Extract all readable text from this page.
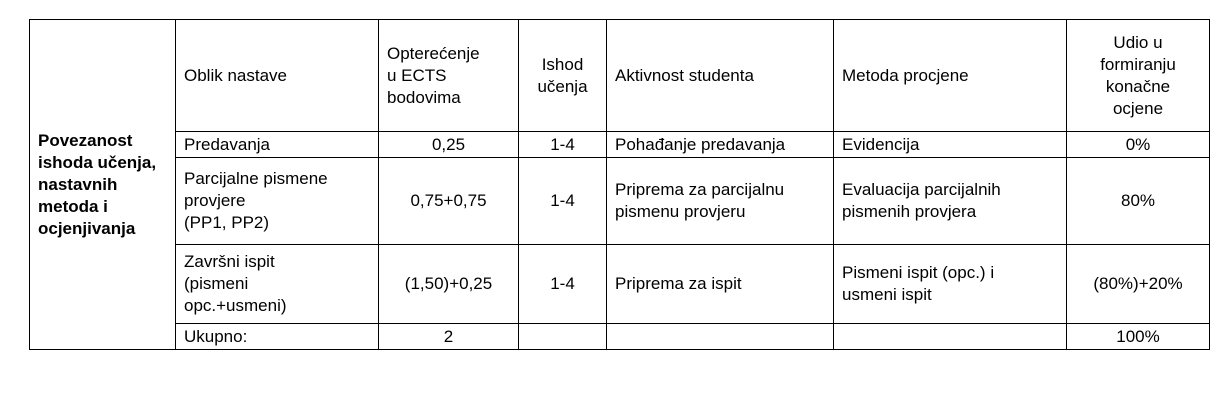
Povezanost ishoda učenja, nastavnih metoda i ocjenjivanja	Oblik nastave	Opterećenje
u ECTS
bodovima	Ishod
učenja	Aktivnost studenta	Metoda procjene	Udio u
formiranju
konačne
ocjene

	Predavanja	0,25	1-4	Pohađanje predavanja	Evidencija	0%

	Parcijalne pismene
provjere
(PP1, PP2)	0,75+0,75	1-4	Priprema za parcijalnu
pismenu provjeru	Evaluacija parcijalnih
pismenih provjera	80%

	Završni ispit
(pismeni
opc.+usmeni)	(1,50)+0,25	1-4	Priprema za ispit	Pismeni ispit (opc.) i
usmeni ispit	(80%)+20%
	Ukupno:	2				100%
